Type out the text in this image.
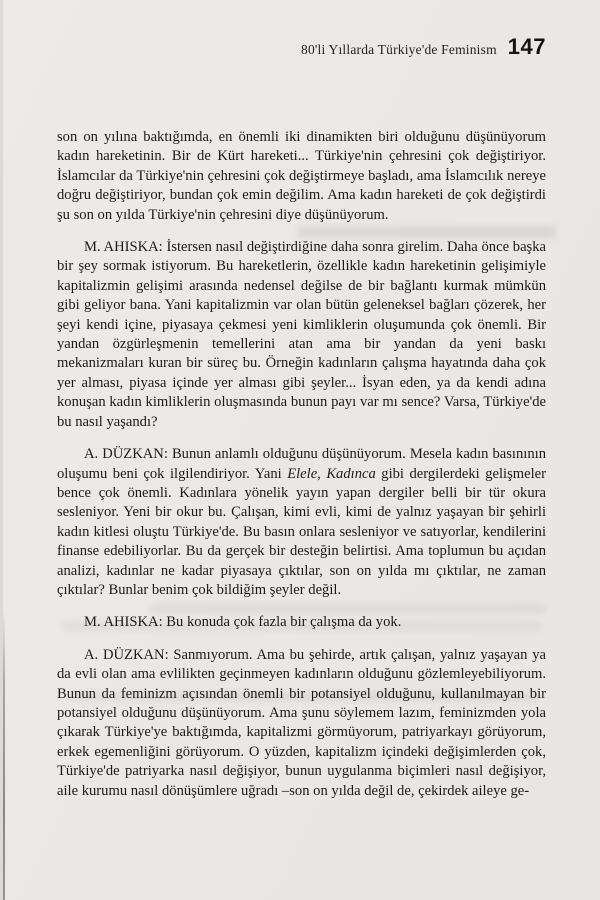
80'li Yıllarda Türkiye'de Feminism 147

son on yılına baktığımda, en önemli iki dinamikten biri olduğunu düşünüyorum kadın hareketinin. Bir de Kürt hareketi... Türkiye'nin çehresini çok değiştiriyor. İslamcılar da Türkiye'nin çehresini çok değiştirmeye başladı, ama İslamcılık nereye doğru değiştiriyor, bundan çok emin değilim. Ama kadın hareketi de çok değiştirdi şu son on yılda Türkiye'nin çehresini diye düşünüyorum.

M. AHISKA: İstersen nasıl değiştirdiğine daha sonra girelim. Daha önce başka bir şey sormak istiyorum. Bu hareketlerin, özellikle kadın hareketinin gelişimiyle kapitalizmin gelişimi arasında nedensel değilse de bir bağlantı kurmak mümkün gibi geliyor bana. Yani kapitalizmin var olan bütün geleneksel bağları çözerek, her şeyi kendi içine, piyasaya çekmesi yeni kimliklerin oluşumunda çok önemli. Bir yandan özgürleşmenin temellerini atan ama bir yandan da yeni baskı mekanizmaları kuran bir süreç bu. Örneğin kadınların çalışma hayatında daha çok yer alması, piyasa içinde yer alması gibi şeyler... İsyan eden, ya da kendi adına konuşan kadın kimliklerin oluşmasında bunun payı var mı sence? Varsa, Türkiye'de bu nasıl yaşandı?

A. DÜZKAN: Bunun anlamlı olduğunu düşünüyorum. Mesela kadın basınının oluşumu beni çok ilgilendiriyor. Yani Elele, Kadınca gibi dergilerdeki gelişmeler bence çok önemli. Kadınlara yönelik yayın yapan dergiler belli bir tür okura sesleniyor. Yeni bir okur bu. Çalışan, kimi evli, kimi de yalnız yaşayan bir şehirli kadın kitlesi oluştu Türkiye'de. Bu basın onlara sesleniyor ve satıyorlar, kendilerini finanse edebiliyorlar. Bu da gerçek bir desteğin belirtisi. Ama toplumun bu açıdan analizi, kadınlar ne kadar piyasaya çıktılar, son on yılda mı çıktılar, ne zaman çıktılar? Bunlar benim çok bildiğim şeyler değil.

M. AHISKA: Bu konuda çok fazla bir çalışma da yok.

A. DÜZKAN: Sanmıyorum. Ama bu şehirde, artık çalışan, yalnız yaşayan ya da evli olan ama evlilikten geçinmeyen kadınların olduğunu gözlemleyebiliyorum. Bunun da feminizm açısından önemli bir potansiyel olduğunu, kullanılmayan bir potansiyel olduğunu düşünüyorum. Ama şunu söylemem lazım, feminizmden yola çıkarak Türkiye'ye baktığımda, kapitalizmi görmüyorum, patriyarkayı görüyorum, erkek egemenliğini görüyorum. O yüzden, kapitalizm içindeki değişimlerden çok, Türkiye'de patriyarka nasıl değişiyor, bunun uygulanma biçimleri nasıl değişiyor, aile kurumu nasıl dönüşümlere uğradı –son on yılda değil de, çekirdek aileye ge-
